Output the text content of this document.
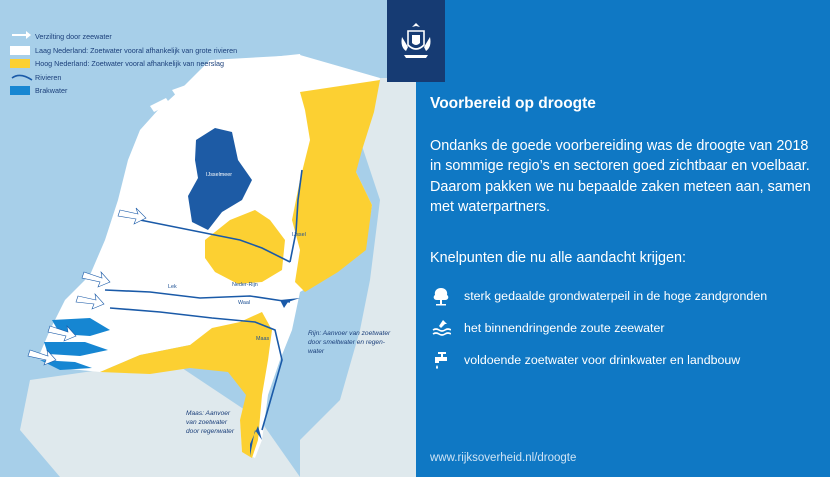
Verzilting door zeewater
Laag Nederland: Zoetwater vooral afhankelijk van grote rivieren
Hoog Nederland: Zoetwater vooral afhankelijk van neerslag
Rivieren
Brakwater
IJsselmeer
IJssel
Lek	Neder-Rijn
Waal
Maas
Rijn: Aanvoer van zoetwater
door smeltwater en regen-
water
Maas: Aanvoer
van zoetwater
door regenwater
Voorbereid op droogte

Ondanks de goede voorbereiding was de droogte van 2018 in sommige regio’s en sectoren goed zichtbaar en voelbaar. Daarom pakken we nu bepaalde zaken meteen aan, samen met waterpartners.

Knelpunten die nu alle aandacht krijgen:

sterk gedaalde grondwaterpeil in de hoge zandgronden
het binnendringende zoute zeewater
voldoende zoetwater voor drinkwater en landbouw
www.rijksoverheid.nl/droogte
